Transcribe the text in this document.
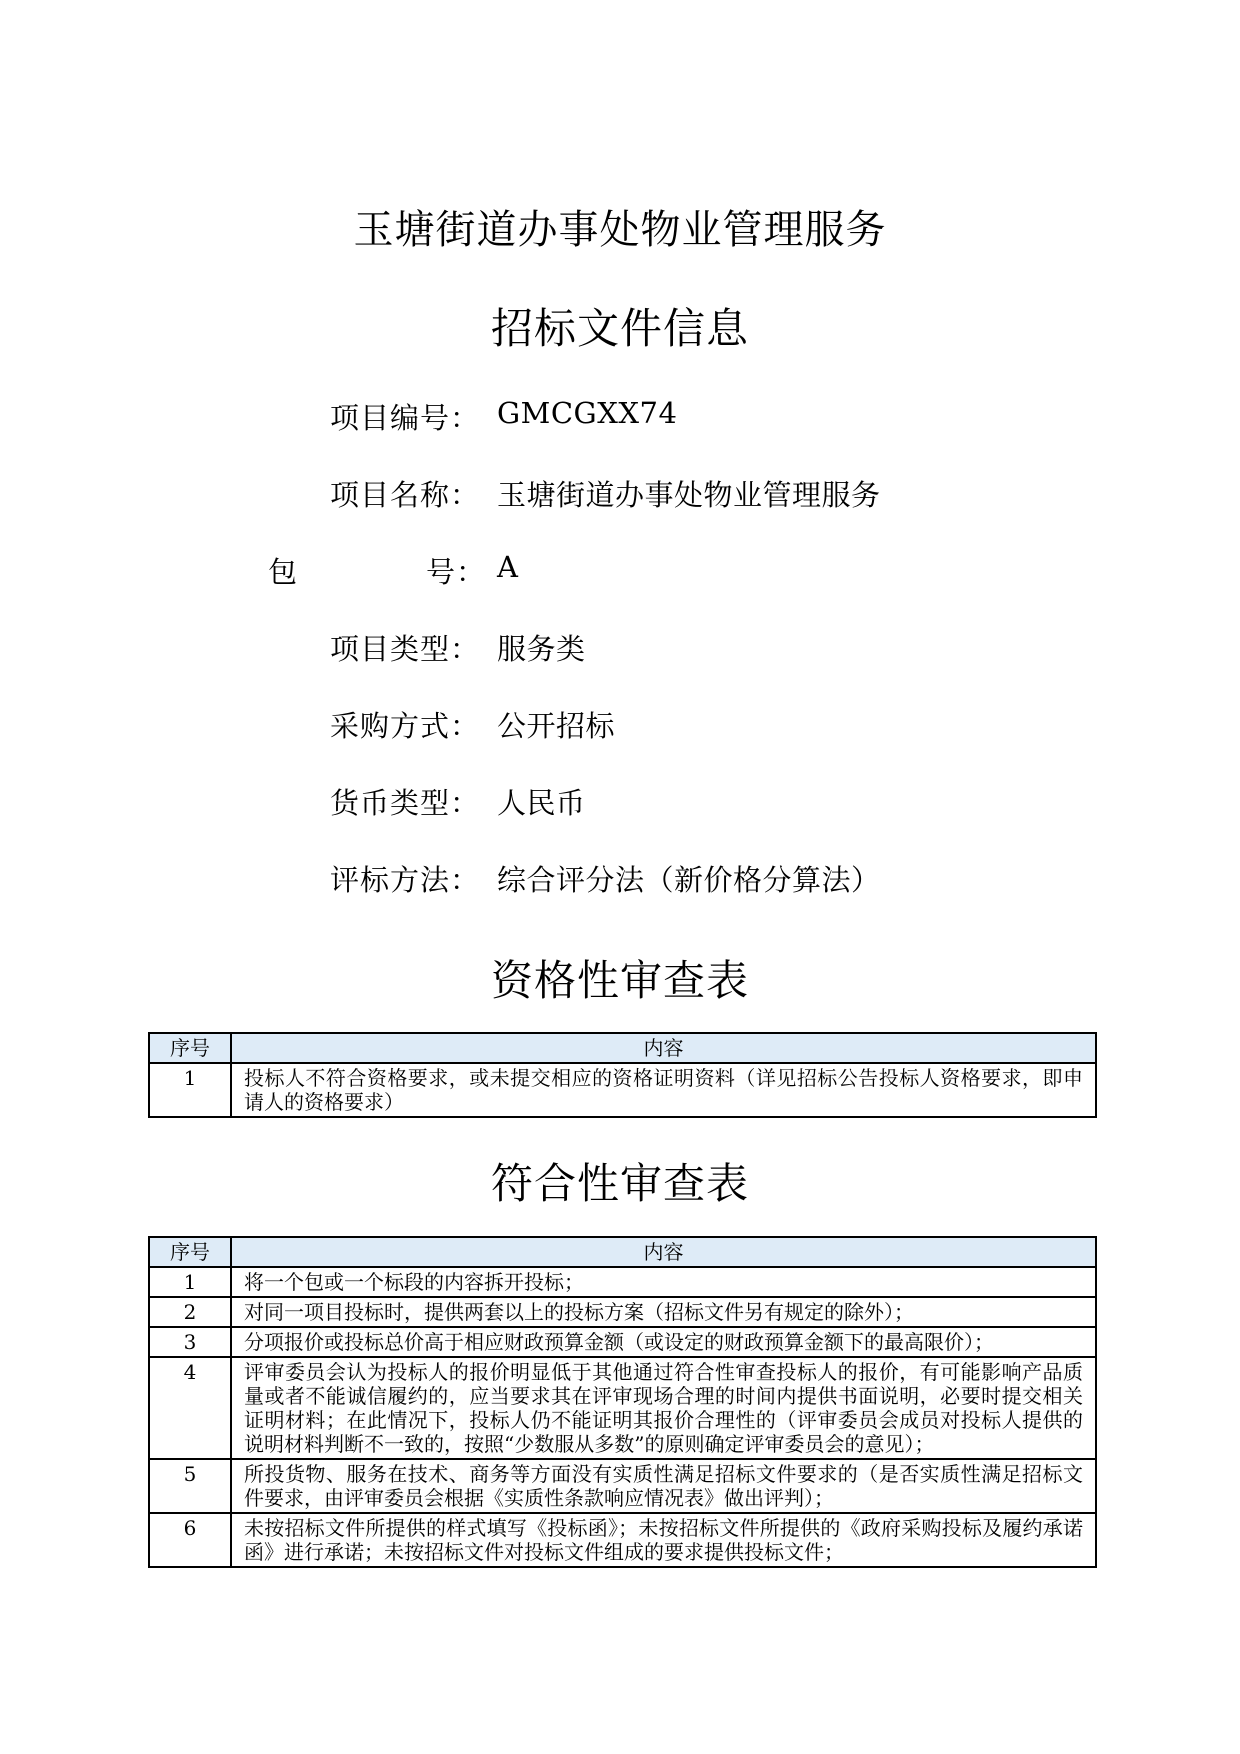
玉塘街道办事处物业管理服务
招标文件信息
项目编号： GMCGXX74
项目名称： 玉塘街道办事处物业管理服务
包	号： A
项目类型： 服务类
采购方式： 公开招标
货币类型： 人民币
评标方法： 综合评分法（新价格分算法）
资格性审查表
序号	内容
1	投标人不符合资格要求，或未提交相应的资格证明资料（详见招标公告投标人资格要求，即申请人的资格要求）
符合性审查表
序号	内容
1	将一个包或一个标段的内容拆开投标；
2	对同一项目投标时，提供两套以上的投标方案（招标文件另有规定的除外）；
3	分项报价或投标总价高于相应财政预算金额（或设定的财政预算金额下的最高限价）；
4	评审委员会认为投标人的报价明显低于其他通过符合性审查投标人的报价，有可能影响产品质量或者不能诚信履约的，应当要求其在评审现场合理的时间内提供书面说明，必要时提交相关证明材料；在此情况下，投标人仍不能证明其报价合理性的（评审委员会成员对投标人提供的说明材料判断不一致的，按照“少数服从多数”的原则确定评审委员会的意见）；
5	所投货物、服务在技术、商务等方面没有实质性满足招标文件要求的（是否实质性满足招标文件要求，由评审委员会根据《实质性条款响应情况表》做出评判）；
6	未按招标文件所提供的样式填写《投标函》；未按招标文件所提供的《政府采购投标及履约承诺函》进行承诺；未按招标文件对投标文件组成的要求提供投标文件；
